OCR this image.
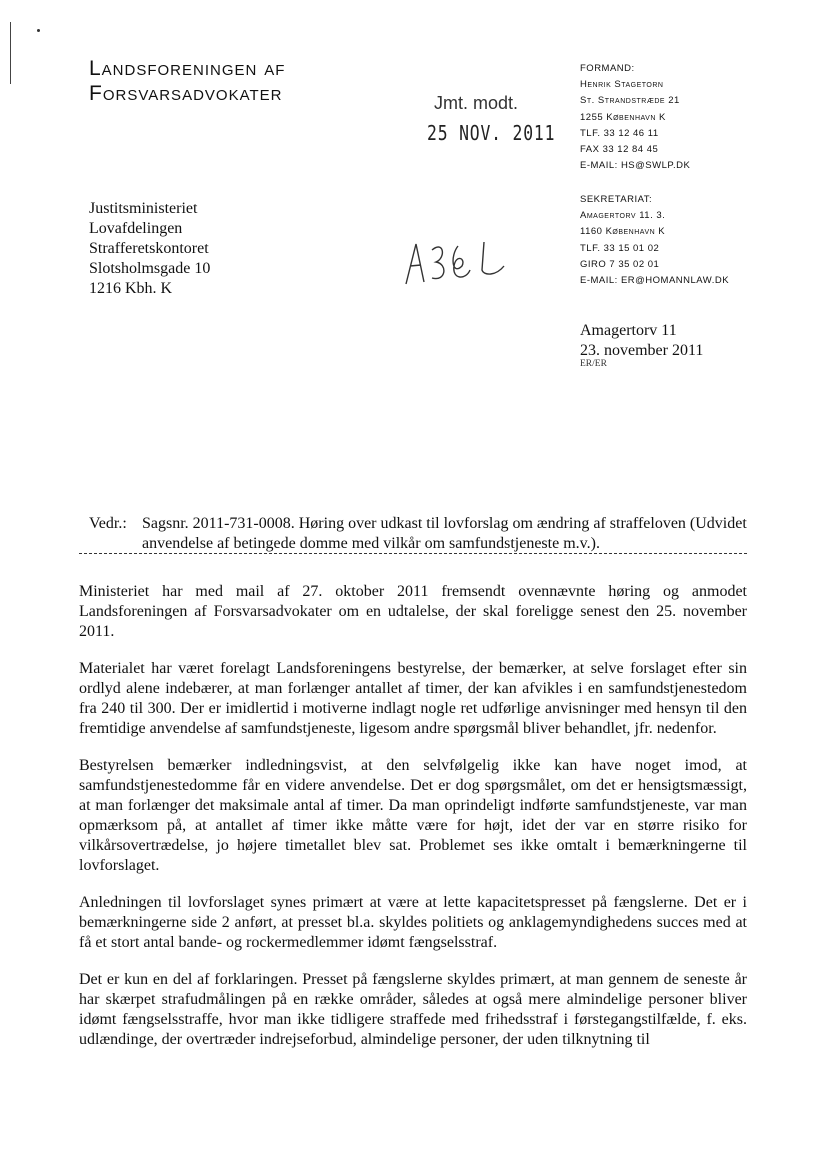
Landsforeningen af
Forsvarsadvokater	Jmt. modt.
25 NOV. 2011
FORMAND:
Henrik Stagetorn
St. Strandstræde 21
1255 København K
TLF. 33 12 46 11
FAX 33 12 84 45
E-MAIL: HS@SWLP.DK
SEKRETARIAT:
Amagertorv 11. 3.
1160 København K
TLF. 33 15 01 02
GIRO 7 35 02 01
E-MAIL: ER@HOMANNLAW.DK
Justitsministeriet
Lovafdelingen
Strafferetskontoret
Slotsholmsgade 10
1216 Kbh. K
Amagertorv 11
23. november 2011
ER/ER
Vedr.: Sagsnr. 2011-731-0008. Høring over udkast til lovforslag om ændring af straffeloven (Udvidet anvendelse af betingede domme med vilkår om samfundstjeneste m.v.).

Ministeriet har med mail af 27. oktober 2011 fremsendt ovennævnte høring og anmodet Landsforeningen af Forsvarsadvokater om en udtalelse, der skal foreligge senest den 25. november 2011.

Materialet har været forelagt Landsforeningens bestyrelse, der bemærker, at selve forslaget efter sin ordlyd alene indebærer, at man forlænger antallet af timer, der kan afvikles i en samfundstjenestedom fra 240 til 300. Der er imidlertid i motiverne indlagt nogle ret udførlige anvisninger med hensyn til den fremtidige anvendelse af samfundstjeneste, ligesom andre spørgsmål bliver behandlet, jfr. nedenfor.

Bestyrelsen bemærker indledningsvist, at den selvfølgelig ikke kan have noget imod, at samfundstjenestedomme får en videre anvendelse. Det er dog spørgsmålet, om det er hensigtsmæssigt, at man forlænger det maksimale antal af timer. Da man oprindeligt indførte samfundstjeneste, var man opmærksom på, at antallet af timer ikke måtte være for højt, idet der var en større risiko for vilkårsovertrædelse, jo højere timetallet blev sat. Problemet ses ikke omtalt i bemærkningerne til lovforslaget.

Anledningen til lovforslaget synes primært at være at lette kapacitetspresset på fængslerne. Det er i bemærkningerne side 2 anført, at presset bl.a. skyldes politiets og anklagemyndighedens succes med at få et stort antal bande- og rockermedlemmer idømt fængselsstraf.

Det er kun en del af forklaringen. Presset på fængslerne skyldes primært, at man gennem de seneste år har skærpet strafudmålingen på en række områder, således at også mere almindelige personer bliver idømt fængselsstraffe, hvor man ikke tidligere straffede med frihedsstraf i førstegangstilfælde, f. eks. udlændinge, der overtræder indrejseforbud, almindelige personer, der uden tilknytning til
